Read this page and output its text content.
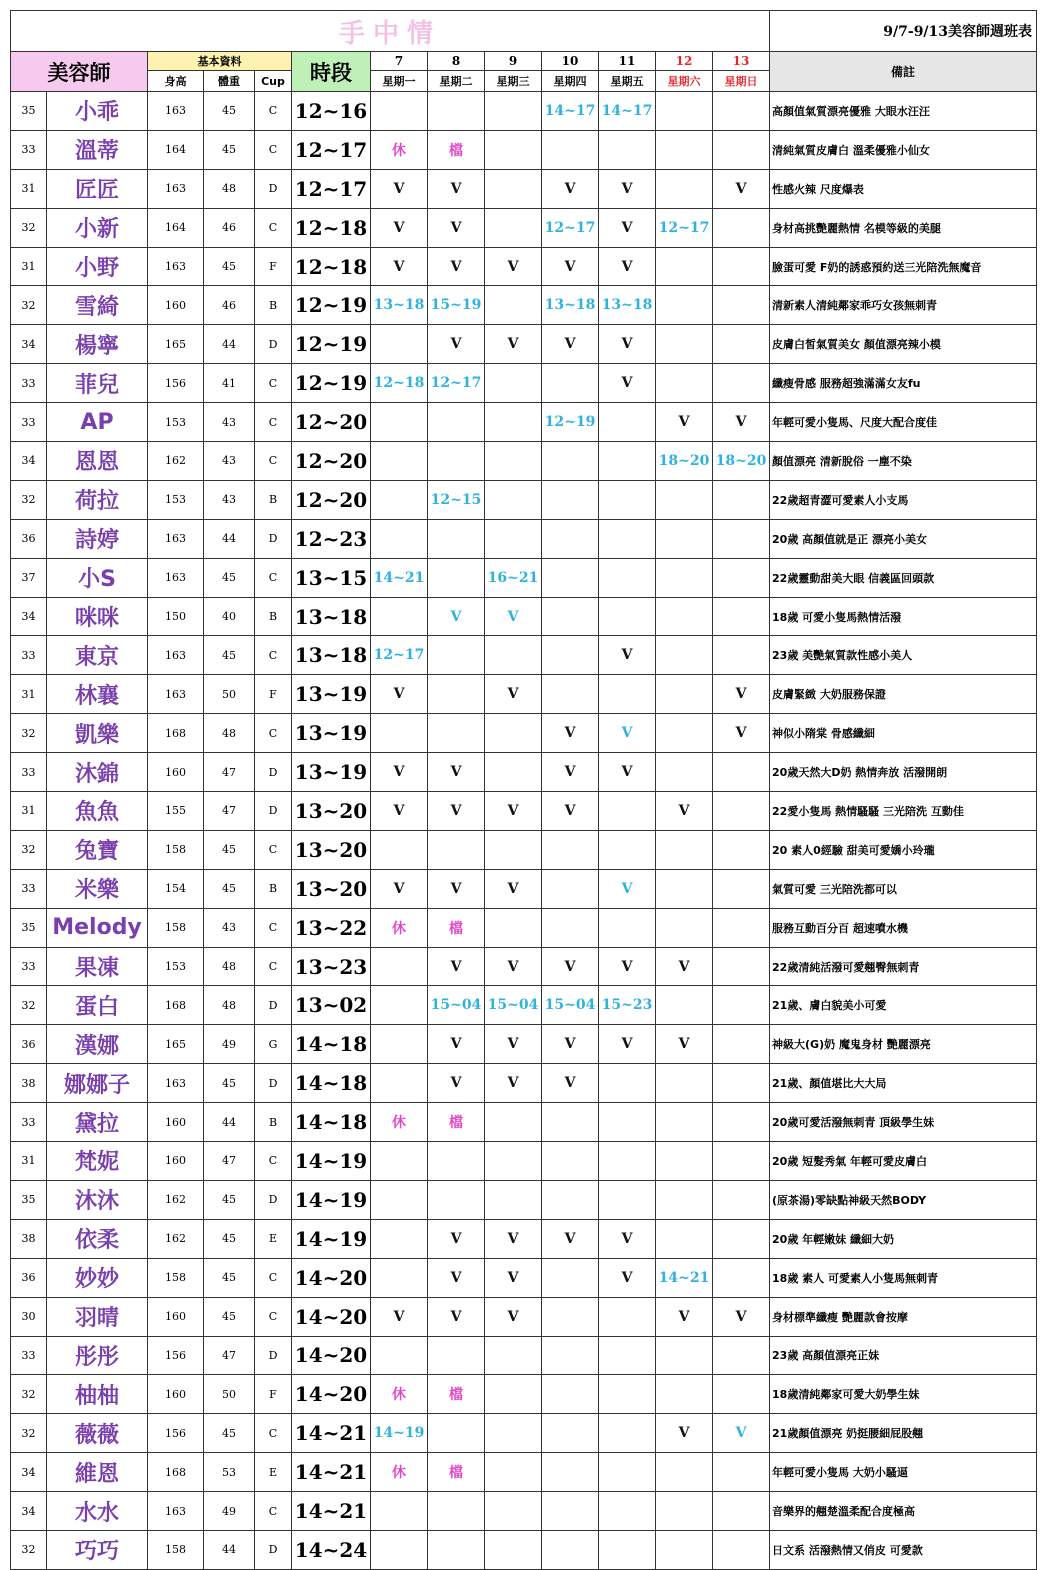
手中情													9/7-9/13美容師週班表
美容師		基本資料			時段	7	8	9	10	11	12	13	備註
		身高	體重	Cup		星期一	星期二	星期三	星期四	星期五	星期六	星期日	
35	小乖	163	45	C	12~16				14~17	14~17			高顏值氣質漂亮優雅 大眼水汪汪
33	溫蒂	164	45	C	12~17	休	檔						清純氣質皮膚白 溫柔優雅小仙女
31	匠匠	163	48	D	12~17	V	V		V	V		V	性感火辣 尺度爆表
32	小新	164	46	C	12~18	V	V		12~17	V	12~17		身材高挑艷麗熱情 名模等級的美腿
31	小野	163	45	F	12~18	V	V	V	V	V			臉蛋可愛 F奶的誘惑預約送三光陪洗無魔音
32	雪綺	160	46	B	12~19	13~18	15~19		13~18	13~18			清新素人清純鄰家乖巧女孩無刺青
34	楊寧	165	44	D	12~19		V	V	V	V			皮膚白皙氣質美女 顏值漂亮辣小模
33	菲兒	156	41	C	12~19	12~18	12~17			V			纖瘦骨感 服務超強滿滿女友fu
33	AP	153	43	C	12~20				12~19		V	V	年輕可愛小隻馬、尺度大配合度佳
34	恩恩	162	43	C	12~20						18~20	18~20	顏值漂亮 清新脫俗 一塵不染
32	荷拉	153	43	B	12~20		12~15						22歲超青澀可愛素人小支馬
36	詩婷	163	44	D	12~23								20歲 高顏值就是正 漂亮小美女
37	小S	163	45	C	13~15	14~21		16~21					22歲靈動甜美大眼 信義區回頭款
34	咪咪	150	40	B	13~18		V	V					18歲 可愛小隻馬熱情活潑
33	東京	163	45	C	13~18	12~17				V			23歲 美艷氣質款性感小美人
31	林襄	163	50	F	13~19	V		V				V	皮膚緊緻 大奶服務保證
32	凱樂	168	48	C	13~19				V	V		V	神似小隋棠 骨感纖細
33	沐錦	160	47	D	13~19	V	V		V	V			20歲天然大D奶 熱情奔放 活潑開朗
31	魚魚	155	47	D	13~20	V	V	V	V		V		22愛小隻馬 熱情騷騷 三光陪洗 互動佳
32	兔寶	158	45	C	13~20								20 素人0經驗 甜美可愛嬌小玲瓏
33	米樂	154	45	B	13~20	V	V	V		V			氣質可愛 三光陪洗都可以
35	Melody	158	43	C	13~22	休	檔						服務互動百分百 超速噴水機
33	果凍	153	48	C	13~23		V	V	V	V	V		22歲清純活潑可愛翹臀無刺青
32	蛋白	168	48	D	13~02		15~04	15~04	15~04	15~23			21歲、膚白貌美小可愛
36	漢娜	165	49	G	14~18		V	V	V	V	V		神級大(G)奶 魔鬼身材 艷麗漂亮
38	娜娜子	163	45	D	14~18		V	V	V				21歲、顏值堪比大大局
33	黛拉	160	44	B	14~18	休	檔						20歲可愛活潑無刺青 頂級學生妹
31	梵妮	160	47	C	14~19								20歲 短髮秀氣 年輕可愛皮膚白
35	沐沐	162	45	D	14~19								(原茶湯)零缺點神級天然BODY
38	依柔	162	45	E	14~19		V	V	V	V			20歲 年輕嫩妹 纖細大奶
36	妙妙	158	45	C	14~20		V	V		V	14~21		18歲 素人 可愛素人小隻馬無刺青
30	羽晴	160	45	C	14~20	V	V	V			V	V	身材標準纖瘦 艷麗款會按摩
33	彤彤	156	47	D	14~20								23歲 高顏值漂亮正妹
32	柚柚	160	50	F	14~20	休	檔						18歲清純鄰家可愛大奶學生妹
32	薇薇	156	45	C	14~21	14~19					V	V	21歲顏值漂亮 奶挺腰細屁股翹
34	維恩	168	53	E	14~21	休	檔						年輕可愛小隻馬 大奶小騷逼
34	水水	163	49	C	14~21								音樂界的翹楚溫柔配合度極高
32	巧巧	158	44	D	14~24								日文系 活潑熱情又俏皮 可愛款
